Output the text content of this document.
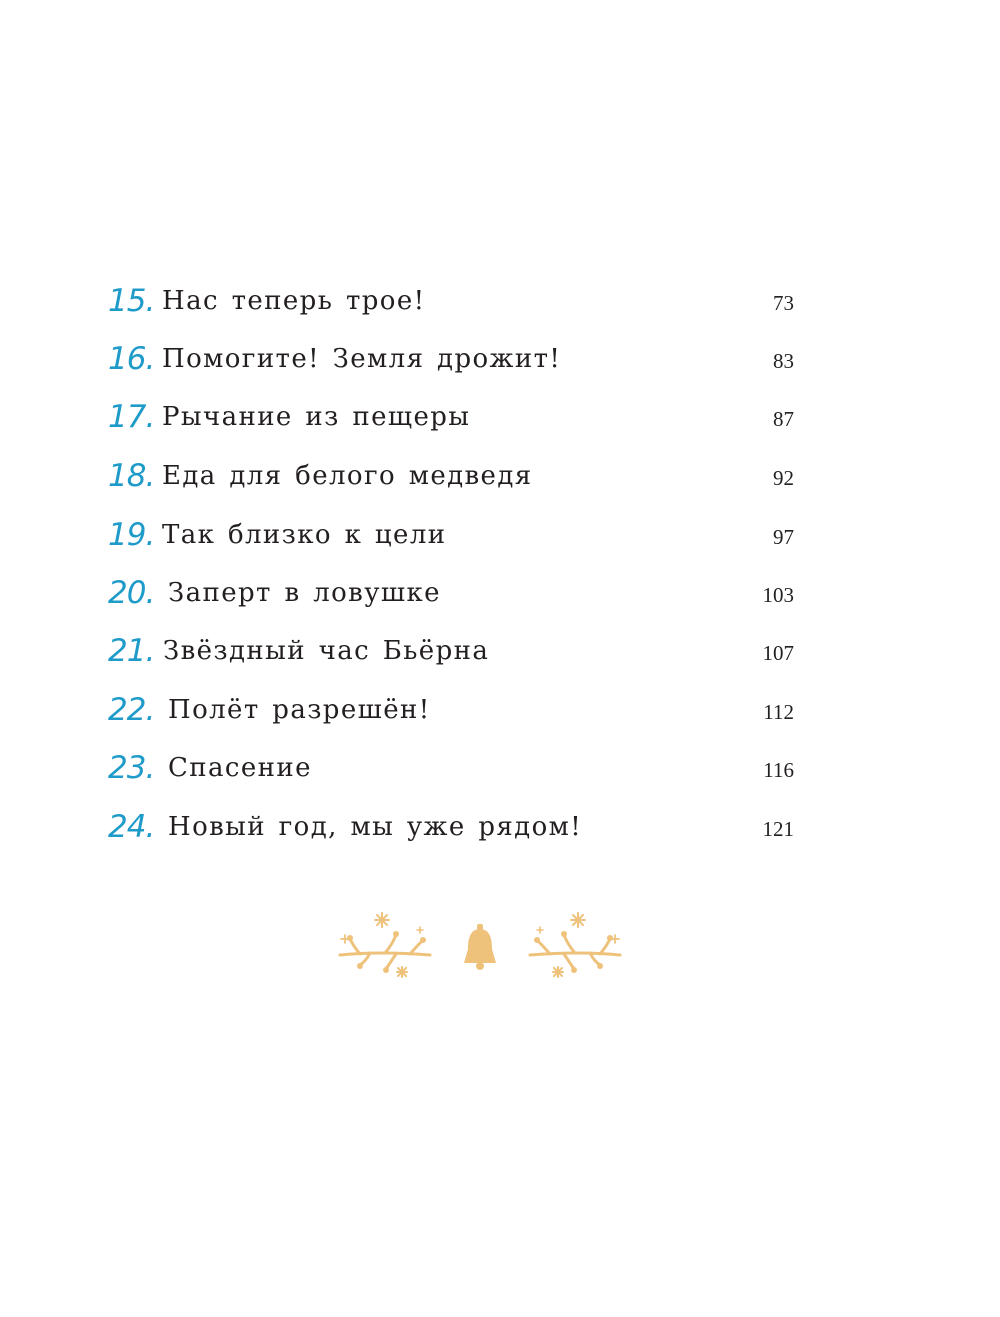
15. Нас теперь трое!	73
16. Помогите! Земля дрожит!	83
17. Рычание из пещеры	87
18. Еда для белого медведя	92
19. Так близко к цели	97
20. Заперт в ловушке	103
21. Звёздный час Бьёрна	107
22. Полёт разрешён!	112
23. Спасение	116
24. Новый год, мы уже рядом!	121
